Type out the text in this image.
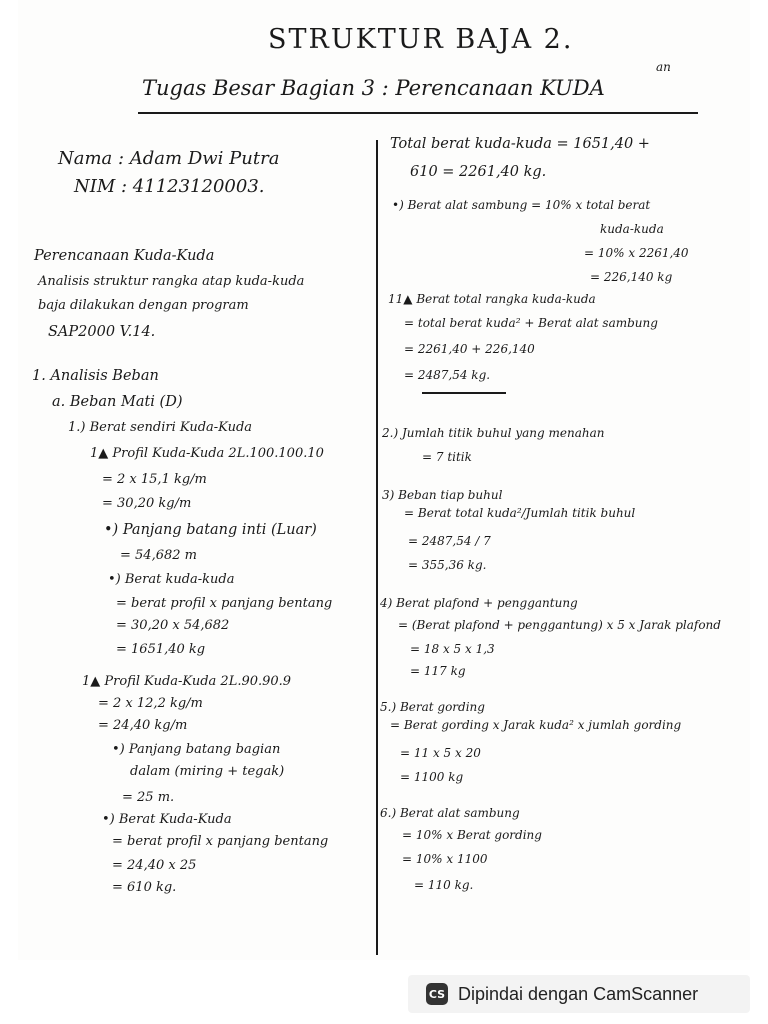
STRUKTUR BAJA 2.
Tugas Besar Bagian 3 : Perencanaan KUDA
an
Nama : Adam Dwi Putra
NIM : 41123120003.
Perencanaan Kuda-Kuda
Analisis struktur rangka atap kuda-kuda
baja dilakukan dengan program
SAP2000 V.14.
1. Analisis Beban
a. Beban Mati (D)
1.) Berat sendiri Kuda-Kuda
1▲ Profil Kuda-Kuda 2L.100.100.10
= 2 x 15,1 kg/m
= 30,20 kg/m
•) Panjang batang inti (Luar)
= 54,682 m
•) Berat kuda-kuda
= berat profil x panjang bentang
= 30,20 x 54,682
= 1651,40 kg
1▲ Profil Kuda-Kuda 2L.90.90.9
= 2 x 12,2 kg/m
= 24,40 kg/m
•) Panjang batang bagian
dalam (miring + tegak)
= 25 m.
•) Berat Kuda-Kuda
= berat profil x panjang bentang
= 24,40 x 25
= 610 kg.
Total berat kuda-kuda = 1651,40 +
610 = 2261,40 kg.
•) Berat alat sambung = 10% x total berat
kuda-kuda
= 10% x 2261,40
= 226,140 kg
11▲ Berat total rangka kuda-kuda
= total berat kuda² + Berat alat sambung
= 2261,40 + 226,140
= 2487,54 kg.
2.) Jumlah titik buhul yang menahan
= 7 titik
3) Beban tiap buhul
= Berat total kuda²/Jumlah titik buhul
= 2487,54 / 7
= 355,36 kg.
4) Berat plafond + penggantung
= (Berat plafond + penggantung) x 5 x Jarak plafond
= 18 x 5 x 1,3
= 117 kg
5.) Berat gording
= Berat gording x Jarak kuda² x jumlah gording
= 11 x 5 x 20
= 1100 kg
6.) Berat alat sambung
= 10% x Berat gording
= 10% x 1100
= 110 kg.
CS Dipindai dengan CamScanner
